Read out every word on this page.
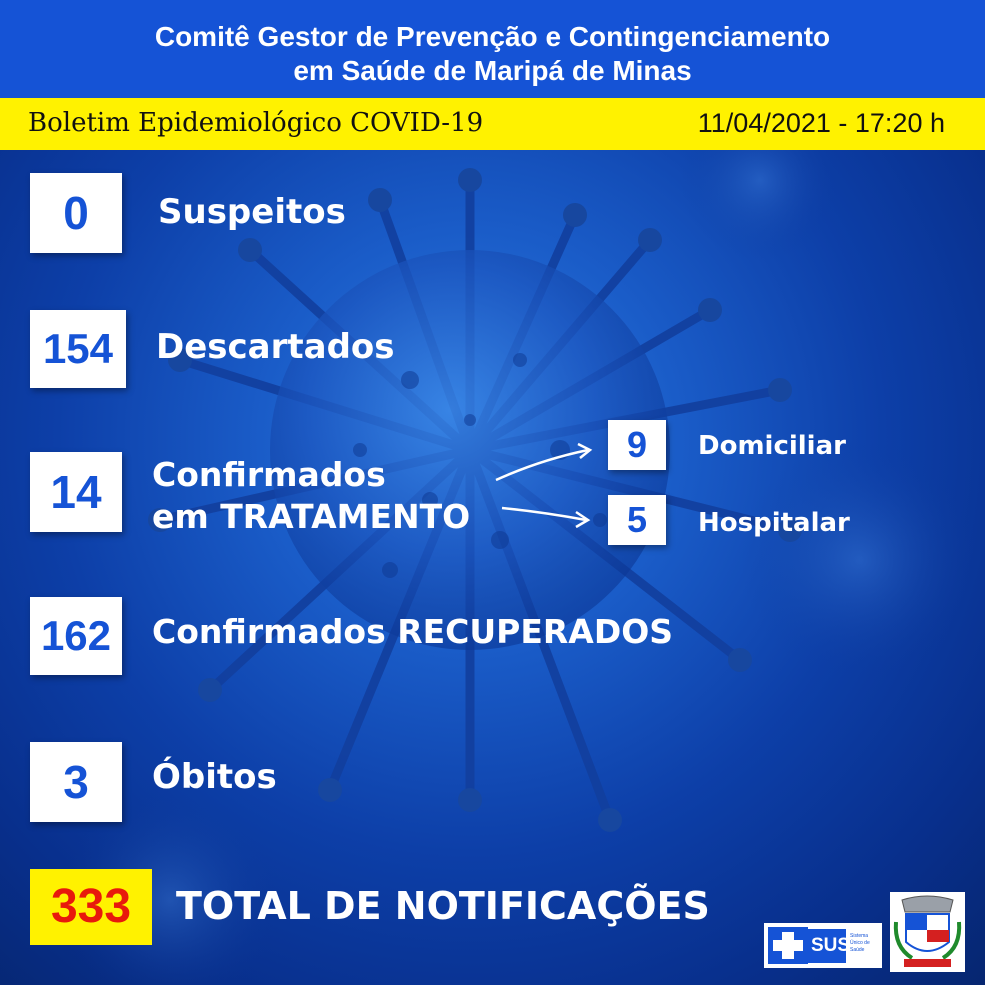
Comitê Gestor de Prevenção e Contingenciamento
em Saúde de Maripá de Minas
Boletim Epidemiológico COVID-19	11/04/2021 - 17:20 h
0	Suspeitos
154	Descartados
14	Confirmados
em TRATAMENTO
9	Domiciliar
5	Hospitalar
162	Confirmados RECUPERADOS
3	Óbitos
333	TOTAL DE NOTIFICAÇÕES
SUS Sistema Único de Saúde
